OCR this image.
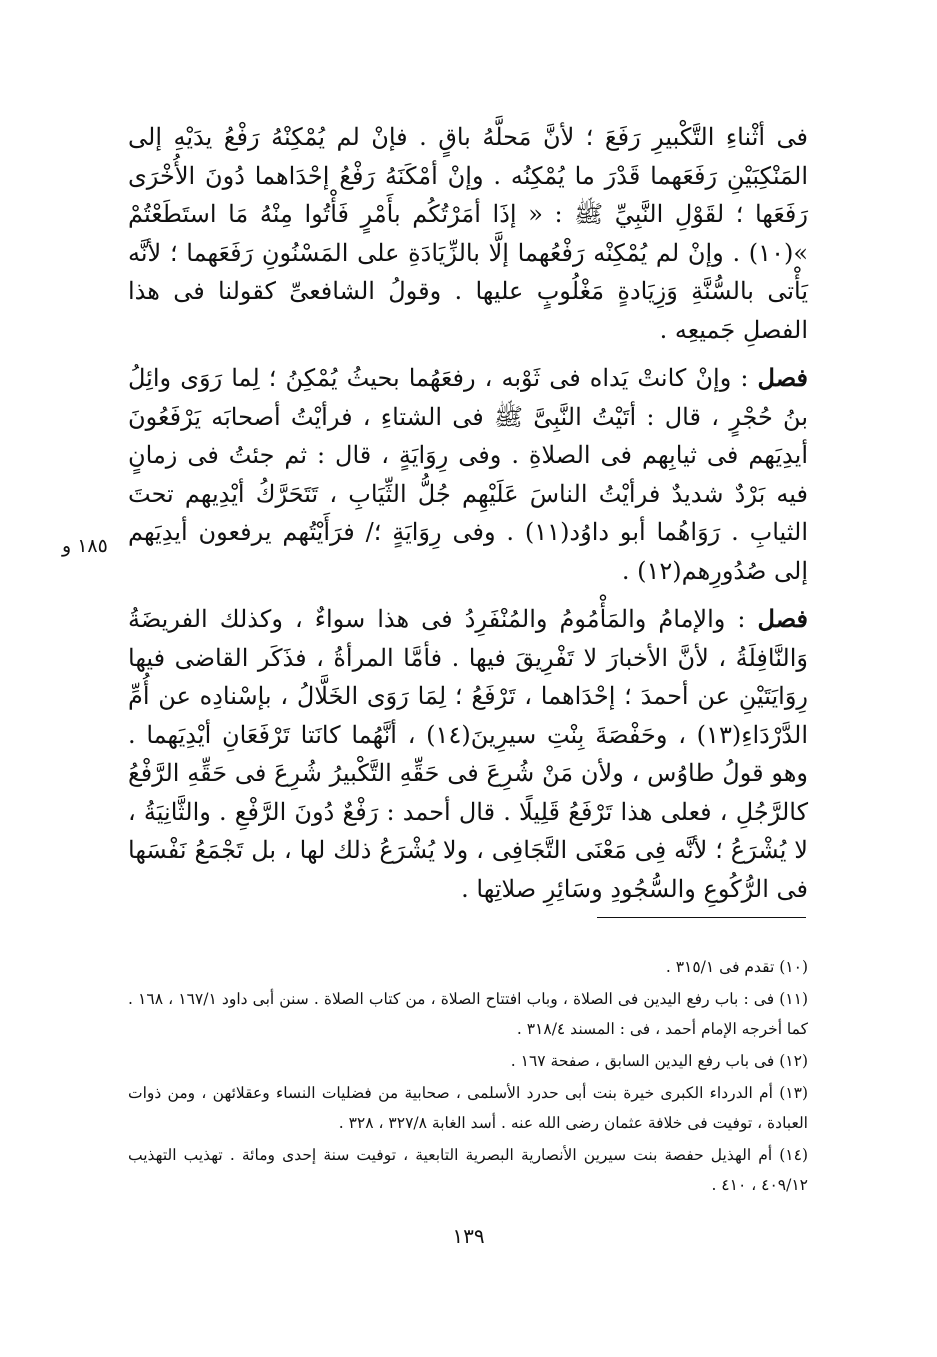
فى أثْناءِ التَّكْبيرِ رَفَعَ ؛ لأنَّ مَحلَّهُ باقٍ . فإنْ لم يُمْكِنْهُ رَفْعُ يدَيْهِ إلى المَنْكِبَيْنِ رَفَعَهما قَدْرَ ما يُمْكِنُه . وإنْ أمْكَنَهُ رَفْعُ إحْدَاهما دُونَ الأُخْرَى رَفَعَها ؛ لقَوْلِ النَّبِيِّ ﷺ : « إذَا أمَرْتُكُم بأَمْرٍ فَأْتُوا مِنْهُ مَا استَطَعْتُمْ »(١٠) . وإنْ لم يُمْكِنْه رَفْعُهما إلَّا بالزِّيَادَةِ على المَسْنُونِ رَفَعَهما ؛ لأنَّه يَأْتى بالسُّنَّةِ وَزِيَادةٍ مَغْلُوبٍ عليها . وقولُ الشافعىِّ كقولنا فى هذا الفصلِ جَميعِه .

فصل : وإنْ كانتْ يَداه فى ثَوْبه ، رفعَهُما بحيثُ يُمْكِنُ ؛ لِما رَوَى وائِلُ بنُ حُجْرٍ ، قال : أتَيْتُ النَّبِىَّ ﷺ فى الشتاءِ ، فرأيْتُ أصحابَه يَرْفَعُونَ أيدِيَهم فى ثيابِهم فى الصلاةِ . وفى رِوَايَةٍ ، قال : ثم جئتُ فى زمانٍ فيه بَرْدٌ شديدٌ فرأيْتُ الناسَ عَلَيْهِم جُلُّ الثِّيَابِ ، تَتَحَرَّكُ أيْدِيهم تحتَ الثيابِ . رَوَاهُما أبو داوُد(١١) . وفى رِوَايَةٍ ؛/ فرَأَيْتُهم يرفعون أيدِيَهم إلى صُدُورِهم(١٢) .

فصل : والإمامُ والمَأْمُومُ والمُنْفَرِدُ فى هذا سواءٌ ، وكذلك الفريضَةُ وَالنَّافِلَةُ ، لأنَّ الأخبارَ لا تَفْرِيقَ فيها . فأمَّا المرأةُ ، فذَكَر القاضى فيها رِوَايَتَيْنِ عن أحمدَ ؛ إحْدَاهما ، تَرْفَعُ ؛ لِمَا رَوَى الخَلَّالُ ، بإسْنادِه عن أُمِّ الدَّرْدَاءِ(١٣) ، وحَفْصَةَ بِنْتِ سيرِينَ(١٤) ، أنَّهُما كانَتا تَرْفَعَانِ أيْدِيَهما . وهو قولُ طاوُس ، ولأن مَنْ شُرِعَ فى حَقِّهِ التَّكْبيرُ شُرِعَ فى حَقِّهِ الرَّفْعُ كالرَّجُلِ ، فعلى هذا تَرْفَعُ قَلِيلًا . قال أحمد : رَفْعٌ دُونَ الرَّفْعِ . والثَّانِيَةُ ، لا يُشْرَعُ ؛ لأنَّه فِى مَعْنَى التَّجَافِى ، ولا يُشْرَعُ ذلك لها ، بل تَجْمَعُ نَفْسَها فى الرُّكُوعِ والسُّجُودِ وسَائِرِ صلاتِها .

١٨٥ و

(١٠) تقدم فى ٣١٥/١ .

(١١) فى : باب رفع اليدين فى الصلاة ، وباب افتتاح الصلاة ، من كتاب الصلاة . سنن أبى داود ١٦٧/١ ، ١٦٨ . كما أخرجه الإمام أحمد ، فى : المسند ٣١٨/٤ .

(١٢) فى باب رفع اليدين السابق ، صفحة ١٦٧ .

(١٣) أم الدرداء الكبرى خيرة بنت أبى حدرد الأسلمى ، صحابية من فضليات النساء وعقلائهن ، ومن ذوات العبادة ، توفيت فى خلافة عثمان رضى الله عنه . أسد الغابة ٣٢٧/٨ ، ٣٢٨ .

(١٤) أم الهذيل حفصة بنت سيرين الأنصارية البصرية التابعية ، توفيت سنة إحدى ومائة . تهذيب التهذيب ٤٠٩/١٢ ، ٤١٠ .

١٣٩
